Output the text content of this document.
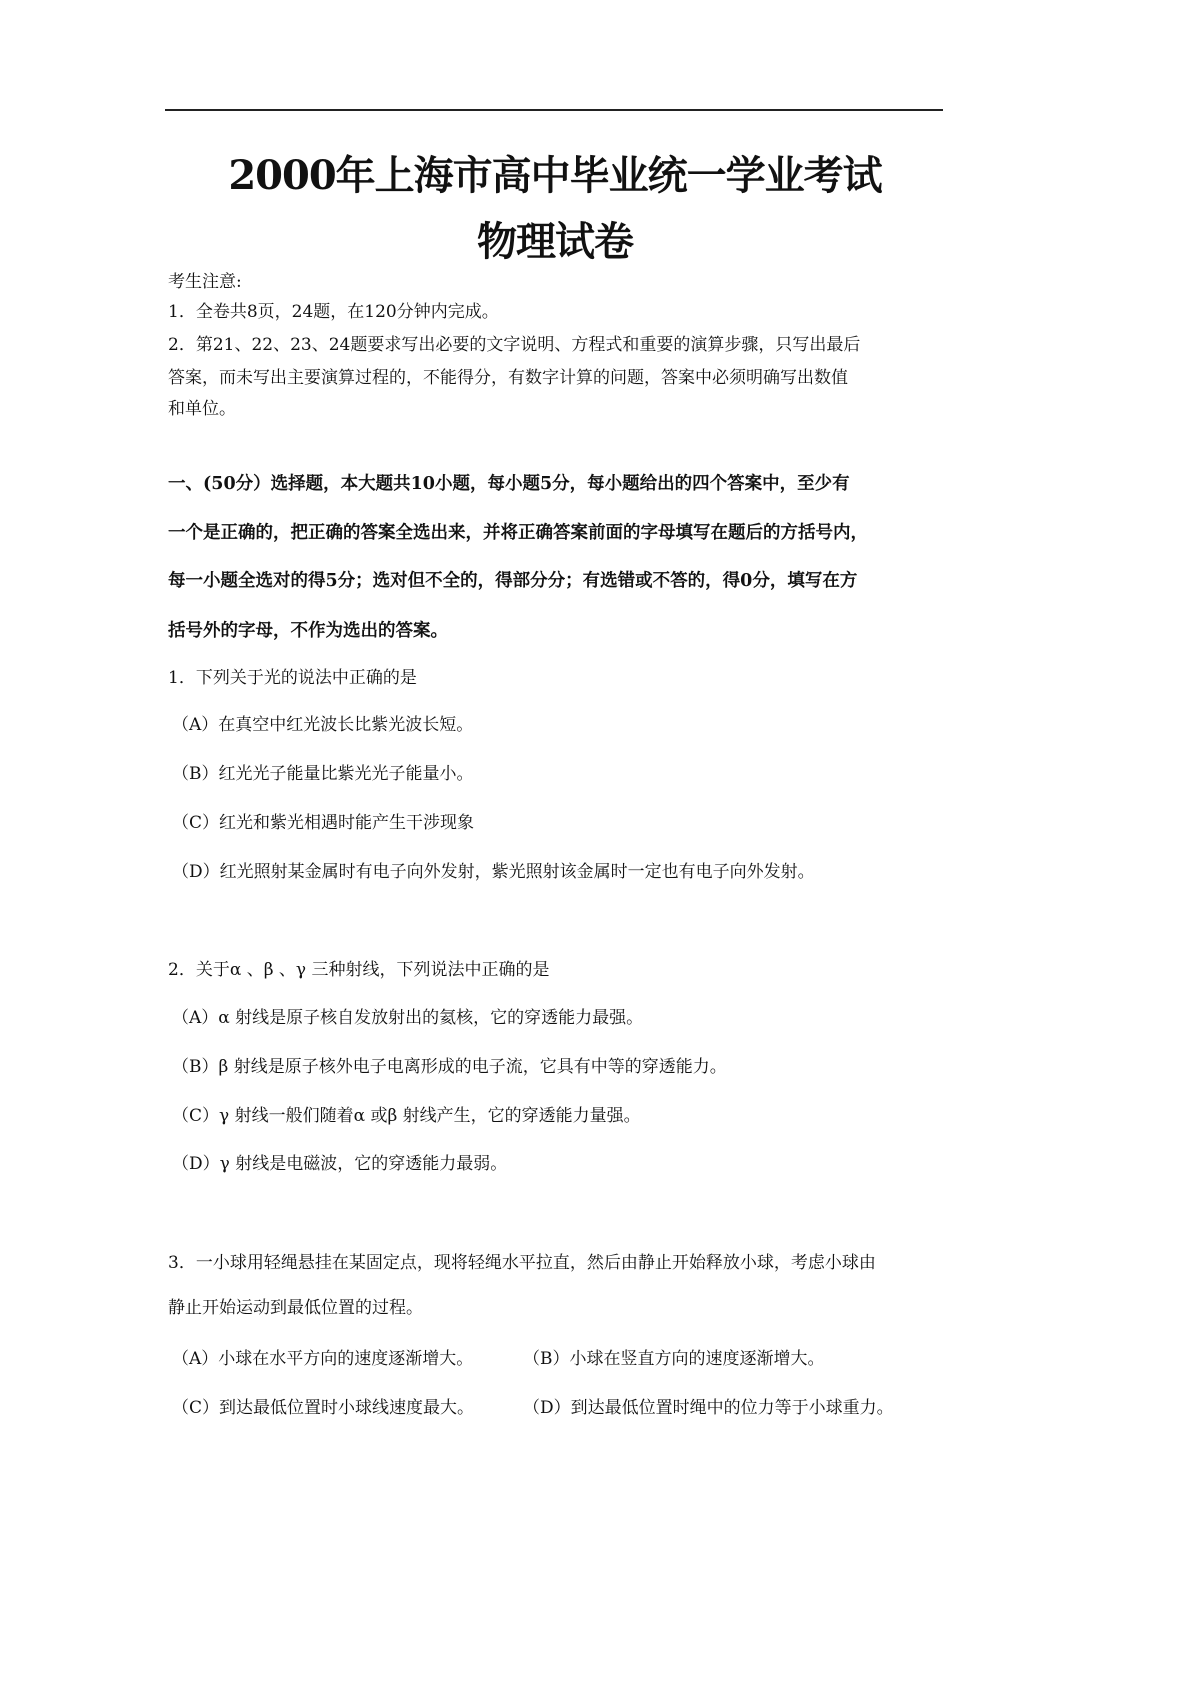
2000年上海市高中毕业统一学业考试
物理试卷
考生注意:
1．全卷共8页，24题，在120分钟内完成。
2．第21、22、23、24题要求写出必要的文字说明、方程式和重要的演算步骤，只写出最后
答案，而未写出主要演算过程的，不能得分，有数字计算的问题，答案中必须明确写出数值
和单位。
一、(50分）选择题，本大题共10小题，每小题5分，每小题给出的四个答案中，至少有
一个是正确的，把正确的答案全选出来，并将正确答案前面的字母填写在题后的方括号内，
每一小题全选对的得5分；选对但不全的，得部分分；有选错或不答的，得0分，填写在方
括号外的字母，不作为选出的答案。
1．下列关于光的说法中正确的是
（A）在真空中红光波长比紫光波长短。
（B）红光光子能量比紫光光子能量小。
（C）红光和紫光相遇时能产生干涉现象
（D）红光照射某金属时有电子向外发射，紫光照射该金属时一定也有电子向外发射。
2．关于α 、β 、γ 三种射线，下列说法中正确的是
（A）α 射线是原子核自发放射出的氦核，它的穿透能力最强。
（B）β 射线是原子核外电子电离形成的电子流，它具有中等的穿透能力。
（C）γ 射线一般们随着α 或β 射线产生，它的穿透能力量强。
（D）γ 射线是电磁波，它的穿透能力最弱。
3．一小球用轻绳悬挂在某固定点，现将轻绳水平拉直，然后由静止开始释放小球，考虑小球由
静止开始运动到最低位置的过程。
（A）小球在水平方向的速度逐渐增大。	（B）小球在竖直方向的速度逐渐增大。
（C）到达最低位置时小球线速度最大。	（D）到达最低位置时绳中的位力等于小球重力。
